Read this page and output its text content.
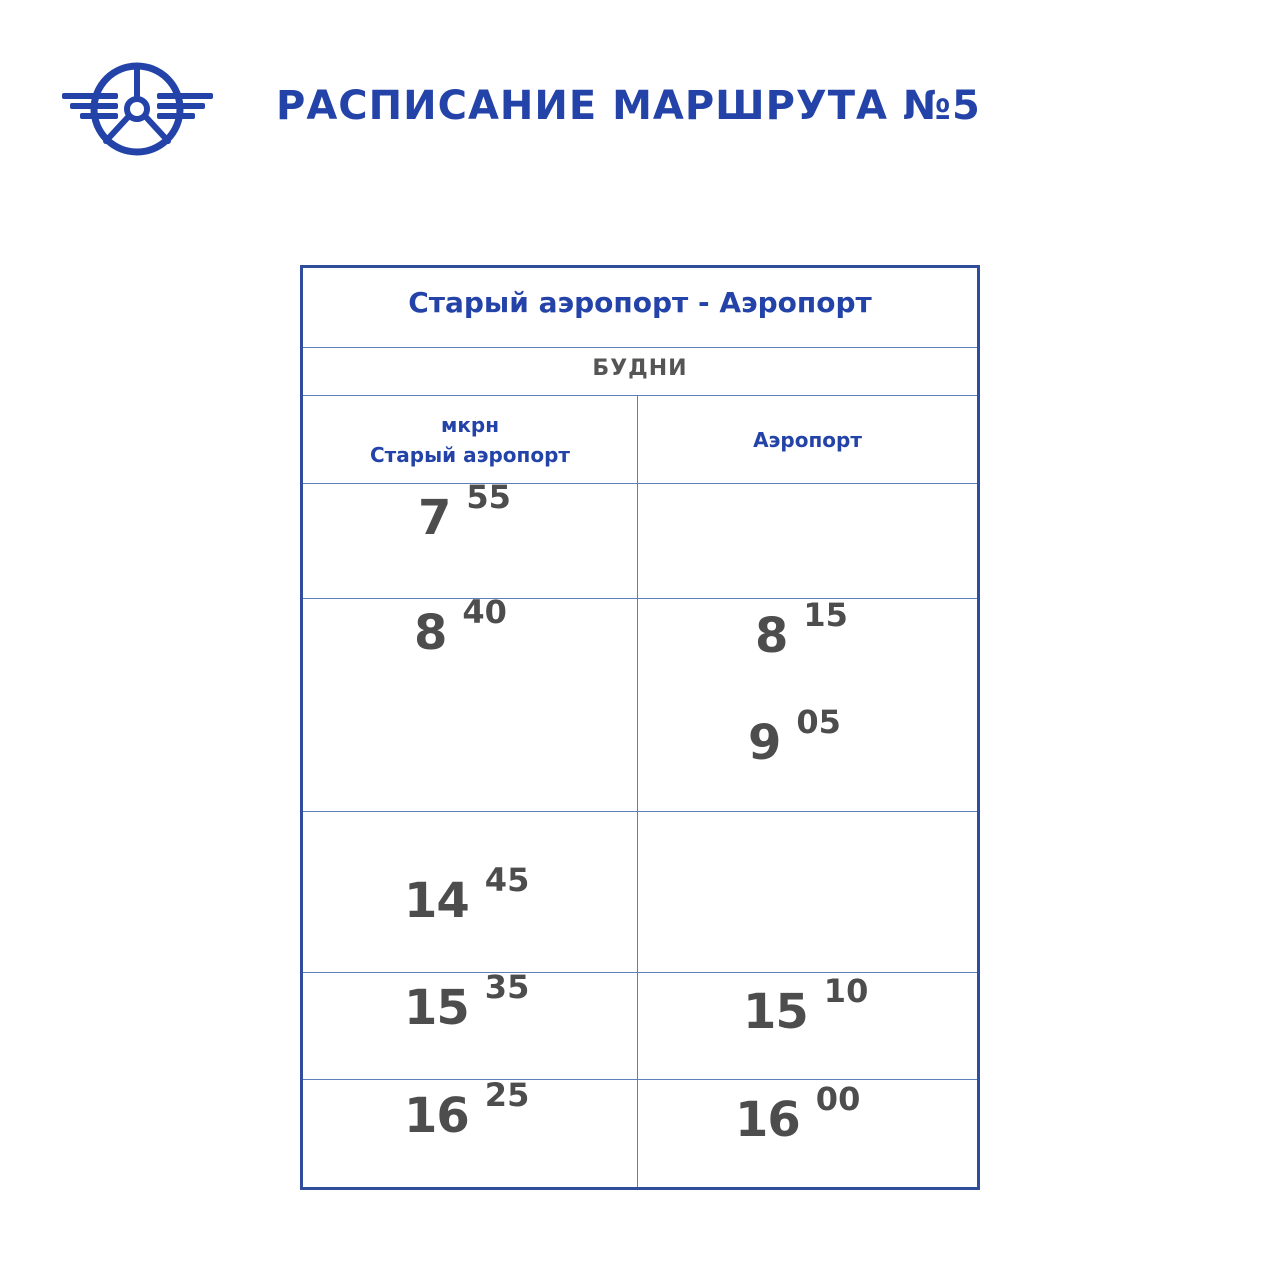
РАСПИСАНИЕ МАРШРУТА №5
Старый аэропорт - Аэропорт
БУДНИ
мкрн
Старый аэропорт
Аэропорт
7 55
8 40
14 45
15 35
16 25
8 15
9 05
15 10
16 00
